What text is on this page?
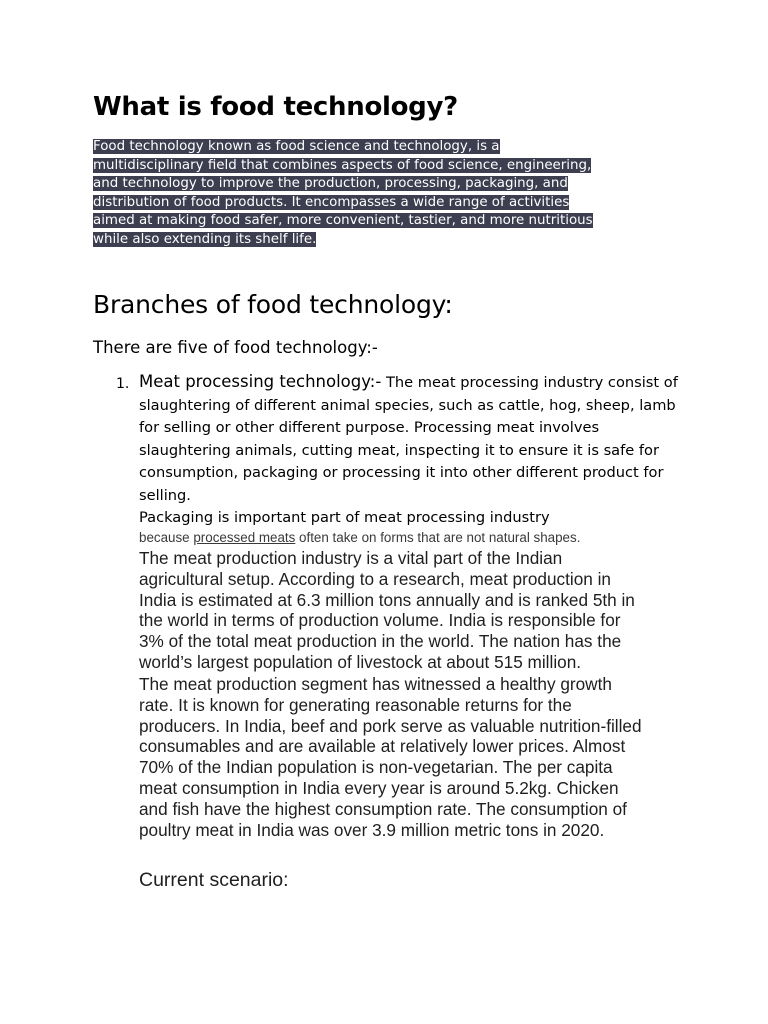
What is food technology?

Food technology known as food science and technology, is a
multidisciplinary field that combines aspects of food science, engineering,
and technology to improve the production, processing, packaging, and
distribution of food products. It encompasses a wide range of activities
aimed at making food safer, more convenient, tastier, and more nutritious
while also extending its shelf life.

Branches of food technology:

There are five of food technology:-

1. Meat processing technology:- The meat processing industry consist of slaughtering of different animal species, such as cattle, hog, sheep, lamb for selling or other different purpose. Processing meat involves slaughtering animals, cutting meat, inspecting it to ensure it is safe for consumption, packaging or processing it into other different product for selling.

Packaging is important part of meat processing industry

because processed meats often take on forms that are not natural shapes.

The meat production industry is a vital part of the Indian
agricultural setup. According to a research, meat production in
India is estimated at 6.3 million tons annually and is ranked 5th in
the world in terms of production volume. India is responsible for
3% of the total meat production in the world. The nation has the
world’s largest population of livestock at about 515 million.

The meat production segment has witnessed a healthy growth
rate. It is known for generating reasonable returns for the
producers. In India, beef and pork serve as valuable nutrition-filled
consumables and are available at relatively lower prices. Almost
70% of the Indian population is non-vegetarian. The per capita
meat consumption in India every year is around 5.2kg. Chicken
and fish have the highest consumption rate. The consumption of
poultry meat in India was over 3.9 million metric tons in 2020.

Current scenario:
